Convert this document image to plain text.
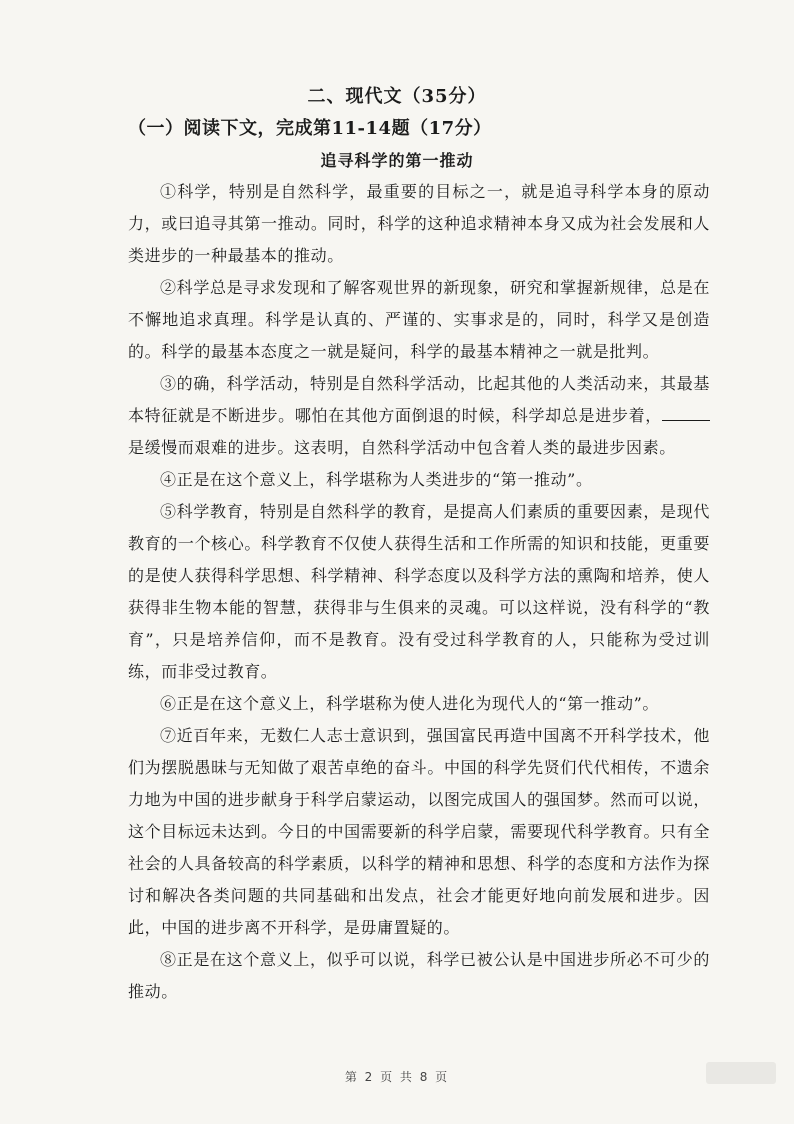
二、现代文（35分）
（一）阅读下文，完成第11-14题（17分）
追寻科学的第一推动

①科学，特别是自然科学，最重要的目标之一，就是追寻科学本身的原动力，或曰追寻其第一推动。同时，科学的这种追求精神本身又成为社会发展和人类进步的一种最基本的推动。

②科学总是寻求发现和了解客观世界的新现象，研究和掌握新规律，总是在不懈地追求真理。科学是认真的、严谨的、实事求是的，同时，科学又是创造的。科学的最基本态度之一就是疑问，科学的最基本精神之一就是批判。

③的确，科学活动，特别是自然科学活动，比起其他的人类活动来，其最基本特征就是不断进步。哪怕在其他方面倒退的时候，科学却总是进步着，是缓慢而艰难的进步。这表明，自然科学活动中包含着人类的最进步因素。

④正是在这个意义上，科学堪称为人类进步的“第一推动”。

⑤科学教育，特别是自然科学的教育，是提高人们素质的重要因素，是现代教育的一个核心。科学教育不仅使人获得生活和工作所需的知识和技能，更重要的是使人获得科学思想、科学精神、科学态度以及科学方法的熏陶和培养，使人获得非生物本能的智慧，获得非与生俱来的灵魂。可以这样说，没有科学的“教育”，只是培养信仰，而不是教育。没有受过科学教育的人，只能称为受过训练，而非受过教育。

⑥正是在这个意义上，科学堪称为使人进化为现代人的“第一推动”。

⑦近百年来，无数仁人志士意识到，强国富民再造中国离不开科学技术，他们为摆脱愚昧与无知做了艰苦卓绝的奋斗。中国的科学先贤们代代相传，不遗余力地为中国的进步献身于科学启蒙运动，以图完成国人的强国梦。然而可以说，这个目标远未达到。今日的中国需要新的科学启蒙，需要现代科学教育。只有全社会的人具备较高的科学素质，以科学的精神和思想、科学的态度和方法作为探讨和解决各类问题的共同基础和出发点，社会才能更好地向前发展和进步。因此，中国的进步离不开科学，是毋庸置疑的。

⑧正是在这个意义上，似乎可以说，科学已被公认是中国进步所必不可少的推动。

第 2 页 共 8 页
